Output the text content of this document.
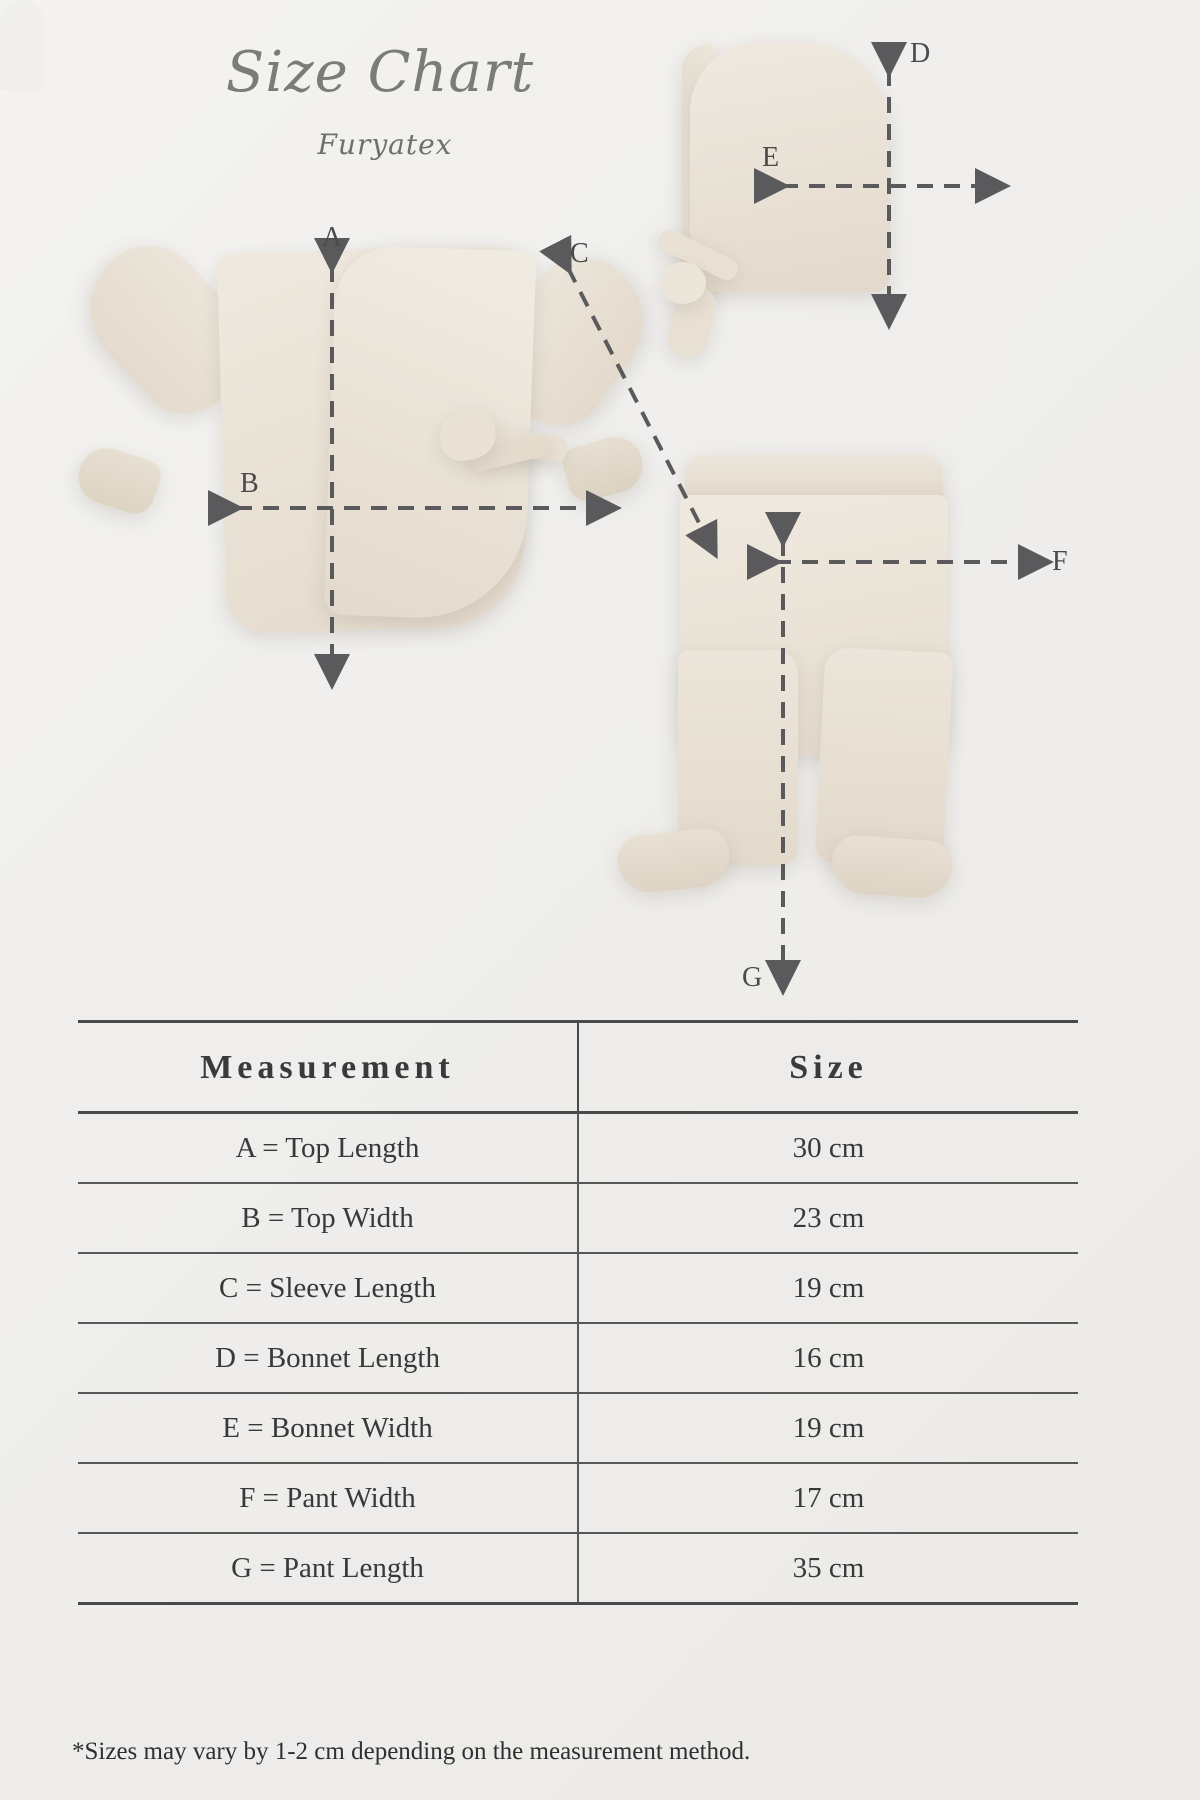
Size Chart
Furyatex
A
B
C
D
E
F
G
Measurement	Size
A = Top Length	30 cm
B = Top Width	23 cm
C = Sleeve Length	19 cm
D = Bonnet Length	16 cm
E = Bonnet Width	19 cm
F = Pant Width	17 cm
G = Pant Length	35 cm
*Sizes may vary by 1-2 cm depending on the measurement method.
